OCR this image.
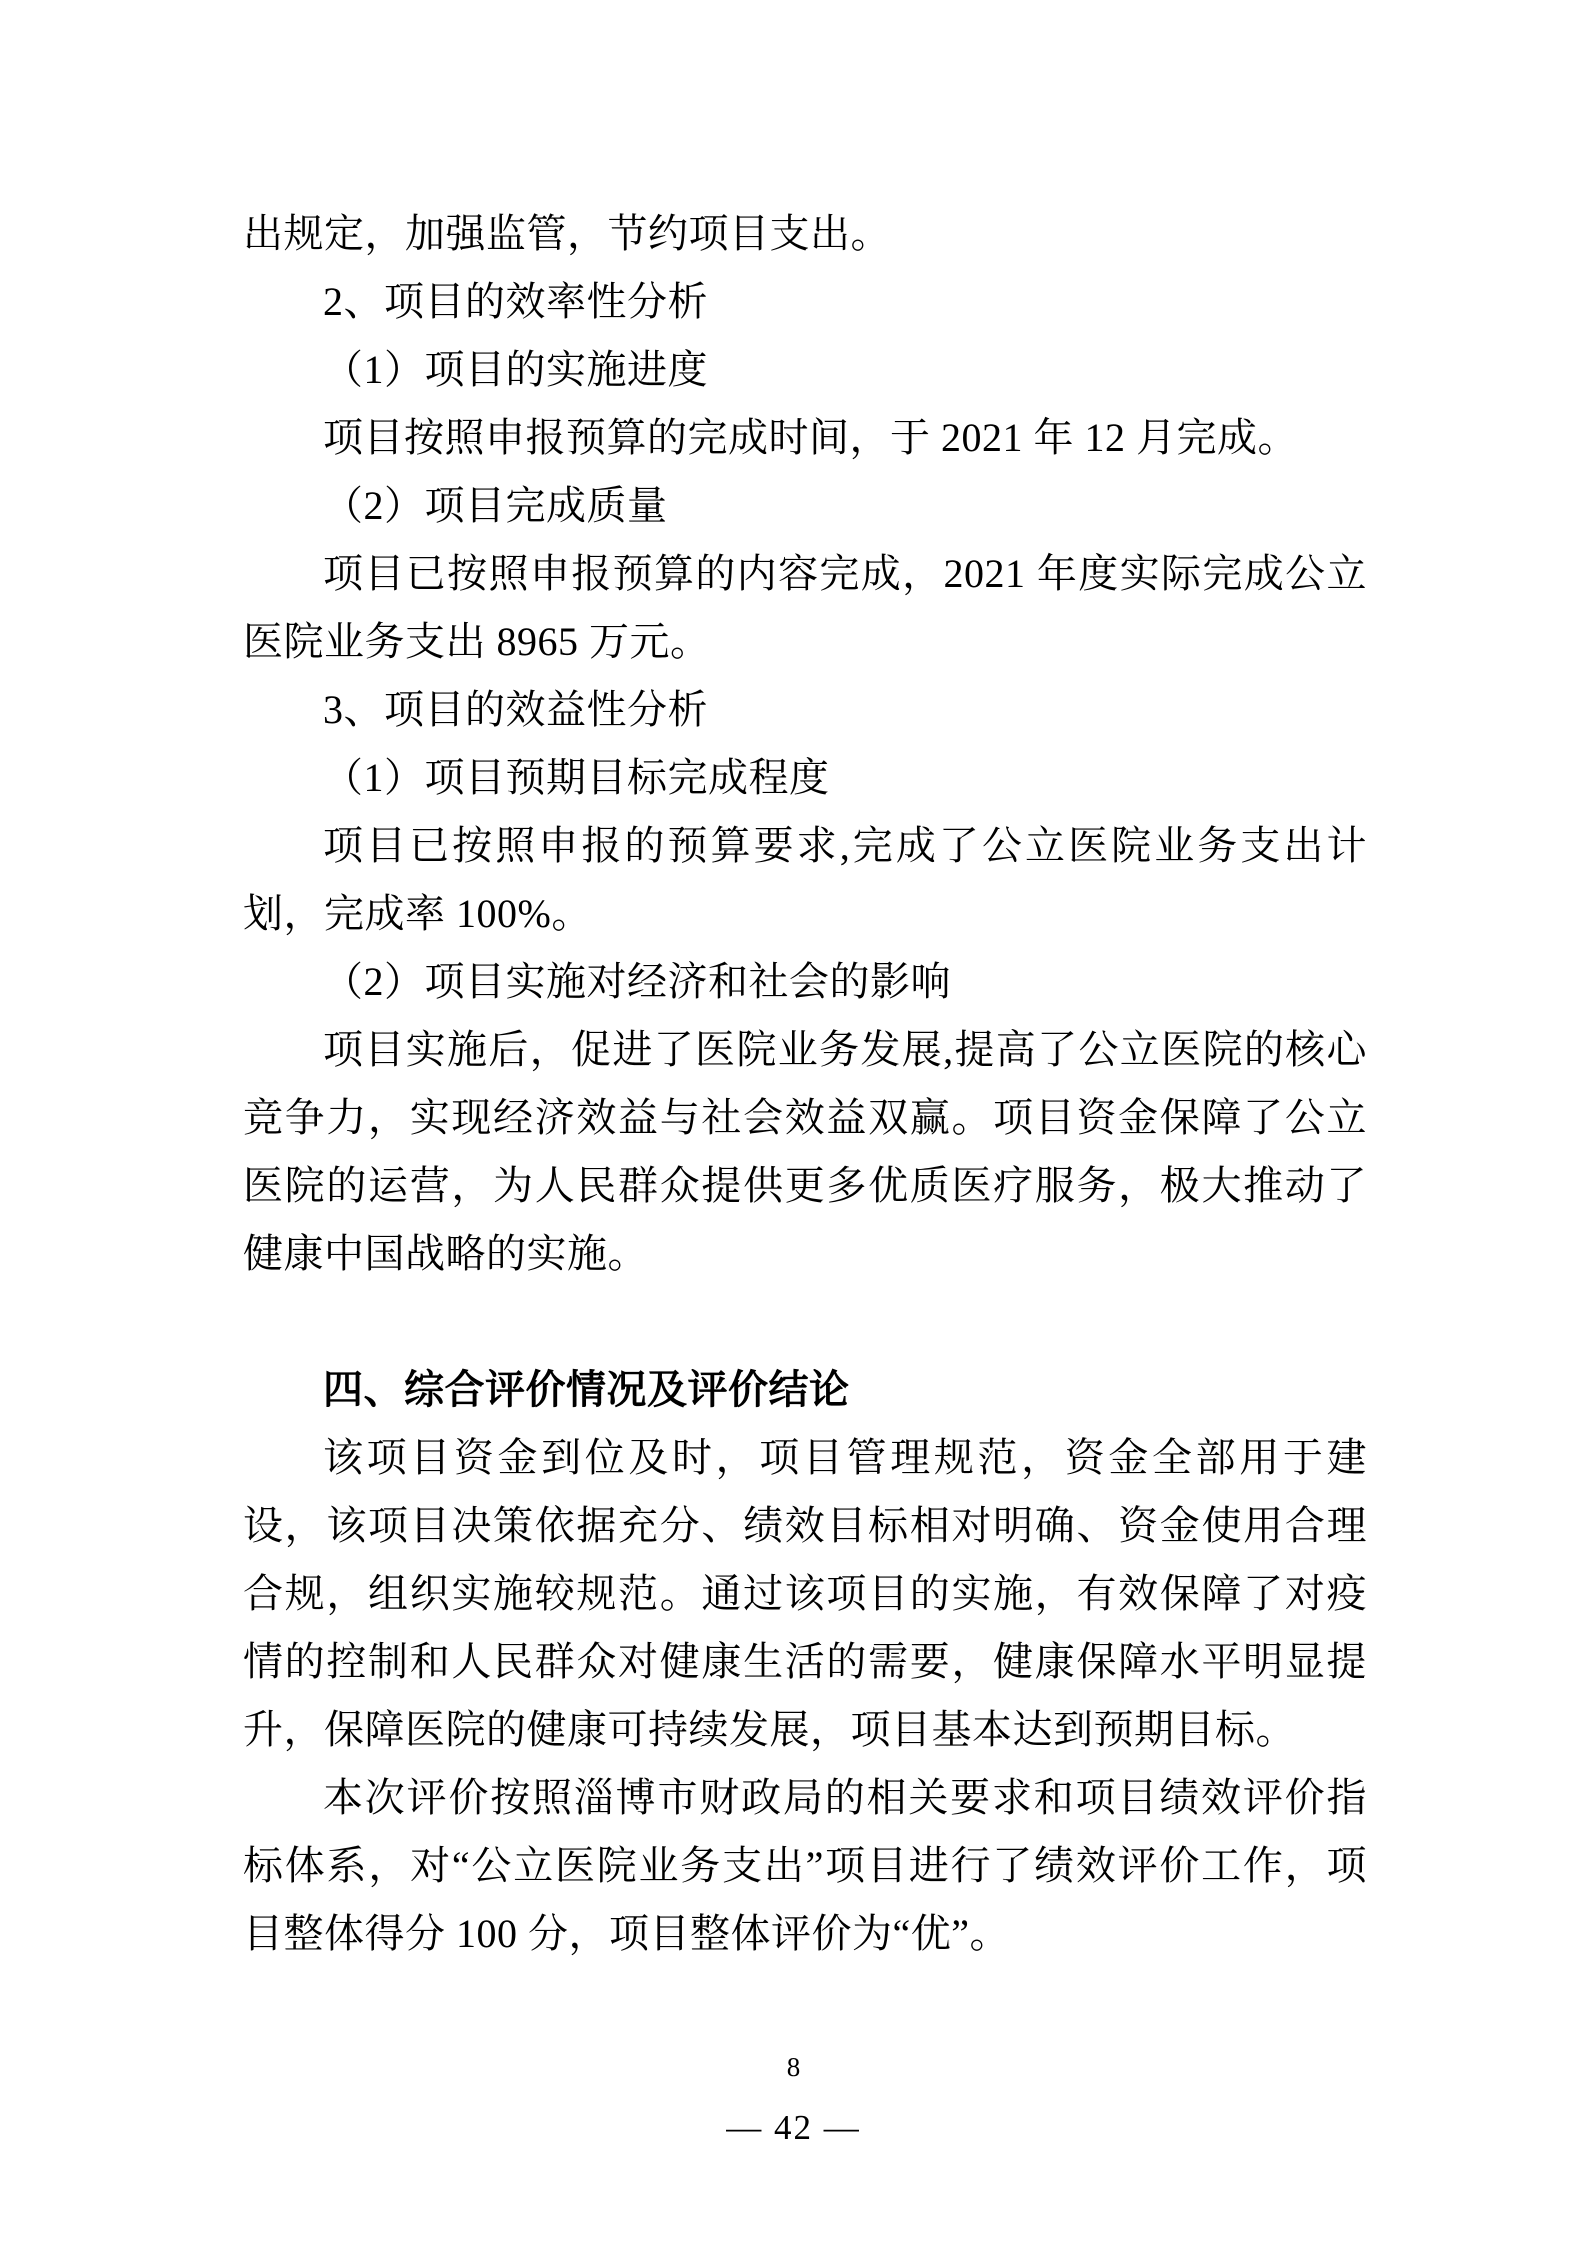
出规定，加强监管，节约项目支出。

2、项目的效率性分析

（1）项目的实施进度

项目按照申报预算的完成时间，于 2021 年 12 月完成。

（2）项目完成质量

项目已按照申报预算的内容完成，2021 年度实际完成公立医院业务支出 8965 万元。

3、项目的效益性分析

（1）项目预期目标完成程度

项目已按照申报的预算要求,完成了公立医院业务支出计划，完成率 100%。

（2）项目实施对经济和社会的影响

项目实施后，促进了医院业务发展,提高了公立医院的核心竞争力，实现经济效益与社会效益双赢。项目资金保障了公立医院的运营，为人民群众提供更多优质医疗服务，极大推动了健康中国战略的实施。

四、综合评价情况及评价结论

该项目资金到位及时，项目管理规范，资金全部用于建设，该项目决策依据充分、绩效目标相对明确、资金使用合理合规，组织实施较规范。通过该项目的实施，有效保障了对疫情的控制和人民群众对健康生活的需要，健康保障水平明显提升，保障医院的健康可持续发展，项目基本达到预期目标。

本次评价按照淄博市财政局的相关要求和项目绩效评价指标体系，对“公立医院业务支出”项目进行了绩效评价工作，项目整体得分 100 分，项目整体评价为“优”。

8
— 42 —
